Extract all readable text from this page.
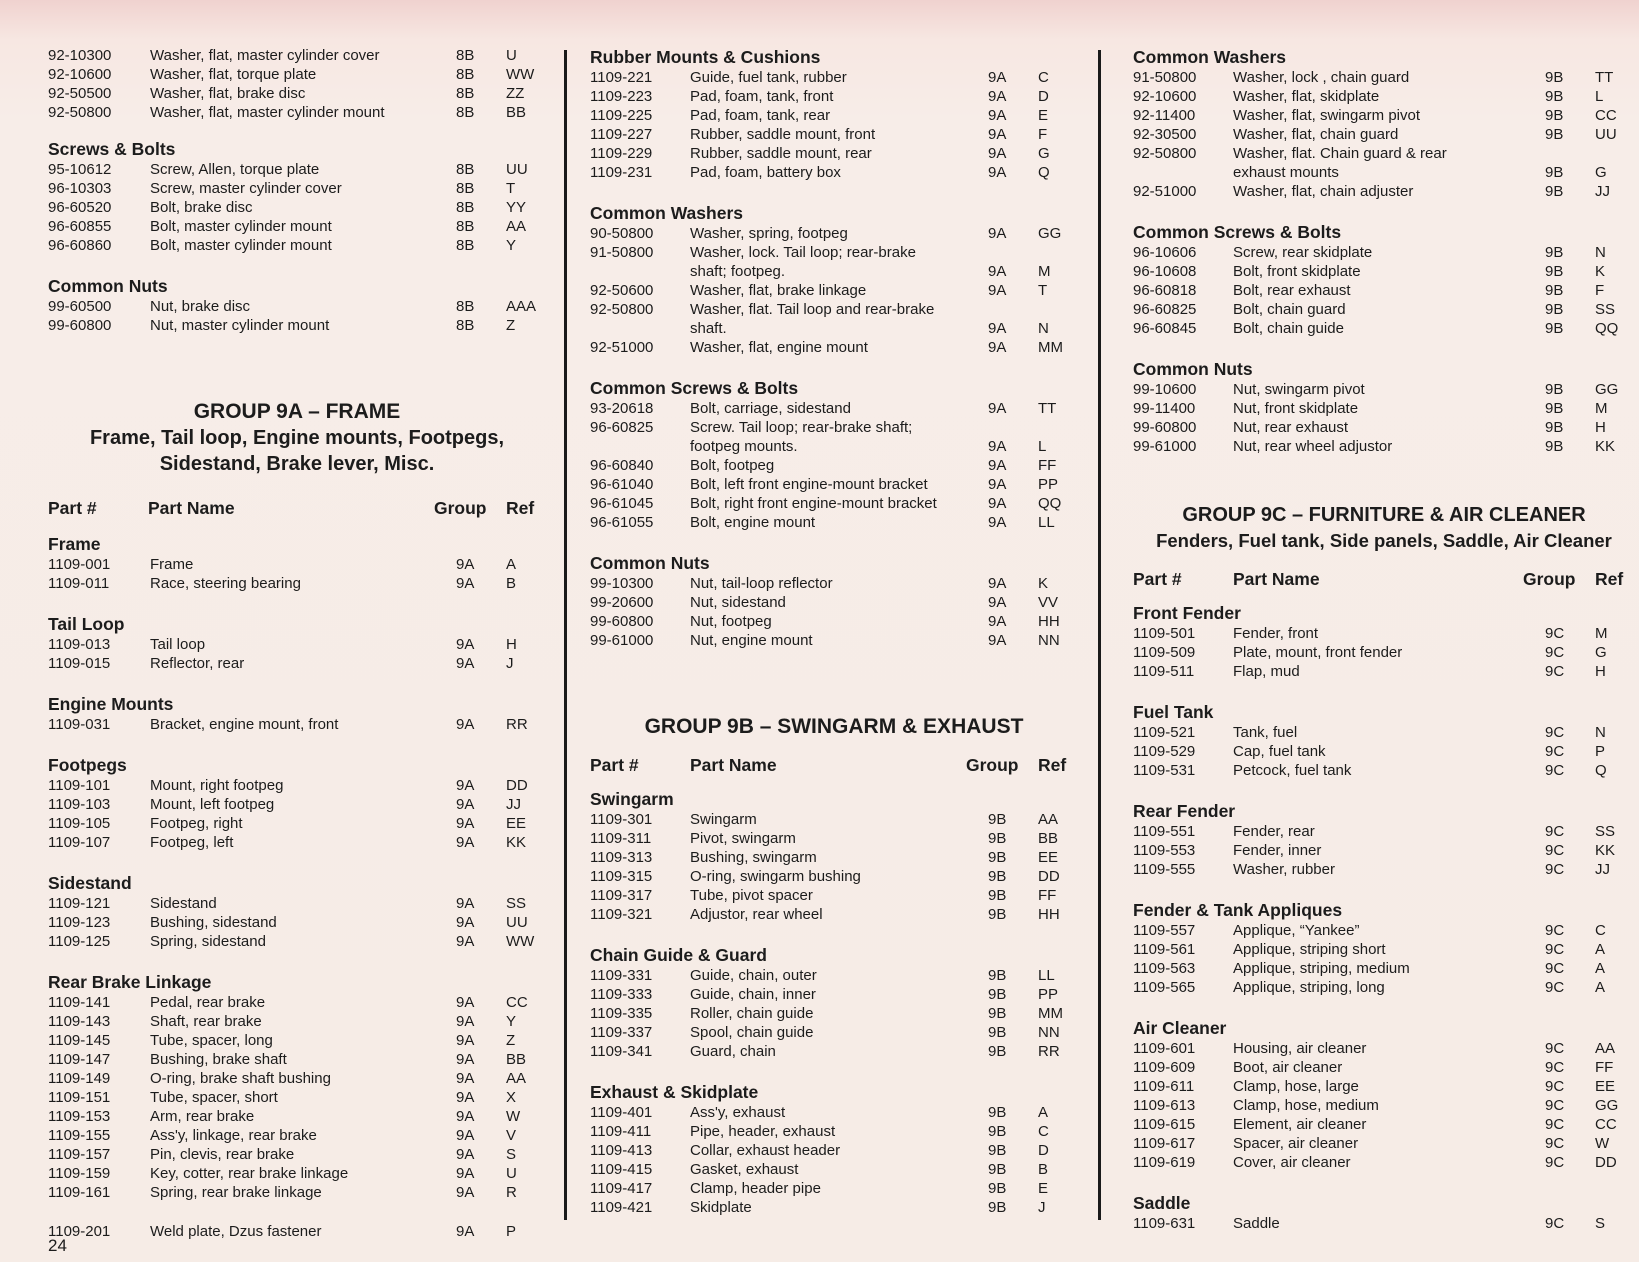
92-10300	Washer, flat, master cylinder cover	8B	U
92-10600	Washer, flat, torque plate	8B	WW
92-50500	Washer, flat, brake disc	8B	ZZ
92-50800	Washer, flat, master cylinder mount	8B	BB
Screws & Bolts
95-10612	Screw, Allen, torque plate	8B	UU
96-10303	Screw, master cylinder cover	8B	T
96-60520	Bolt, brake disc	8B	YY
96-60855	Bolt, master cylinder mount	8B	AA
96-60860	Bolt, master cylinder mount	8B	Y
Common Nuts
99-60500	Nut, brake disc	8B	AAA
99-60800	Nut, master cylinder mount	8B	Z
GROUP 9A – FRAME
Frame, Tail loop, Engine mounts, Footpegs,
Sidestand, Brake lever, Misc.
Part #	Part Name	Group	Ref
Frame
1109-001	Frame	9A	A
1109-011	Race, steering bearing	9A	B
Tail Loop
1109-013	Tail loop	9A	H
1109-015	Reflector, rear	9A	J
Engine Mounts
1109-031	Bracket, engine mount, front	9A	RR
Footpegs
1109-101	Mount, right footpeg	9A	DD
1109-103	Mount, left footpeg	9A	JJ
1109-105	Footpeg, right	9A	EE
1109-107	Footpeg, left	9A	KK
Sidestand
1109-121	Sidestand	9A	SS
1109-123	Bushing, sidestand	9A	UU
1109-125	Spring, sidestand	9A	WW
Rear Brake Linkage
1109-141	Pedal, rear brake	9A	CC
1109-143	Shaft, rear brake	9A	Y
1109-145	Tube, spacer, long	9A	Z
1109-147	Bushing, brake shaft	9A	BB
1109-149	O-ring, brake shaft bushing	9A	AA
1109-151	Tube, spacer, short	9A	X
1109-153	Arm, rear brake	9A	W
1109-155	Ass'y, linkage, rear brake	9A	V
1109-157	Pin, clevis, rear brake	9A	S
1109-159	Key, cotter, rear brake linkage	9A	U
1109-161	Spring, rear brake linkage	9A	R
1109-201	Weld plate, Dzus fastener	9A	P
Rubber Mounts & Cushions
1109-221	Guide, fuel tank, rubber	9A	C
1109-223	Pad, foam, tank, front	9A	D
1109-225	Pad, foam, tank, rear	9A	E
1109-227	Rubber, saddle mount, front	9A	F
1109-229	Rubber, saddle mount, rear	9A	G
1109-231	Pad, foam, battery box	9A	Q
Common Washers
90-50800	Washer, spring, footpeg	9A	GG
91-50800	Washer, lock. Tail loop; rear-brake
shaft; footpeg.	9A	M
92-50600	Washer, flat, brake linkage	9A	T
92-50800	Washer, flat. Tail loop and rear-brake
shaft.	9A	N
92-51000	Washer, flat, engine mount	9A	MM
Common Screws & Bolts
93-20618	Bolt, carriage, sidestand	9A	TT
96-60825	Screw. Tail loop; rear-brake shaft;
footpeg mounts.	9A	L
96-60840	Bolt, footpeg	9A	FF
96-61040	Bolt, left front engine-mount bracket	9A	PP
96-61045	Bolt, right front engine-mount bracket	9A	QQ
96-61055	Bolt, engine mount	9A	LL
Common Nuts
99-10300	Nut, tail-loop reflector	9A	K
99-20600	Nut, sidestand	9A	VV
99-60800	Nut, footpeg	9A	HH
99-61000	Nut, engine mount	9A	NN
GROUP 9B – SWINGARM & EXHAUST
Part #	Part Name	Group	Ref
Swingarm
1109-301	Swingarm	9B	AA
1109-311	Pivot, swingarm	9B	BB
1109-313	Bushing, swingarm	9B	EE
1109-315	O-ring, swingarm bushing	9B	DD
1109-317	Tube, pivot spacer	9B	FF
1109-321	Adjustor, rear wheel	9B	HH
Chain Guide & Guard
1109-331	Guide, chain, outer	9B	LL
1109-333	Guide, chain, inner	9B	PP
1109-335	Roller, chain guide	9B	MM
1109-337	Spool, chain guide	9B	NN
1109-341	Guard, chain	9B	RR
Exhaust & Skidplate
1109-401	Ass'y, exhaust	9B	A
1109-411	Pipe, header, exhaust	9B	C
1109-413	Collar, exhaust header	9B	D
1109-415	Gasket, exhaust	9B	B
1109-417	Clamp, header pipe	9B	E
1109-421	Skidplate	9B	J
Common Washers
91-50800	Washer, lock , chain guard	9B	TT
92-10600	Washer, flat, skidplate	9B	L
92-11400	Washer, flat, swingarm pivot	9B	CC
92-30500	Washer, flat, chain guard	9B	UU
92-50800	Washer, flat. Chain guard & rear
exhaust mounts	9B	G
92-51000	Washer, flat, chain adjuster	9B	JJ
Common Screws & Bolts
96-10606	Screw, rear skidplate	9B	N
96-10608	Bolt, front skidplate	9B	K
96-60818	Bolt, rear exhaust	9B	F
96-60825	Bolt, chain guard	9B	SS
96-60845	Bolt, chain guide	9B	QQ
Common Nuts
99-10600	Nut, swingarm pivot	9B	GG
99-11400	Nut, front skidplate	9B	M
99-60800	Nut, rear exhaust	9B	H
99-61000	Nut, rear wheel adjustor	9B	KK
GROUP 9C – FURNITURE & AIR CLEANER
Fenders, Fuel tank, Side panels, Saddle, Air Cleaner
Part #	Part Name	Group	Ref
Front Fender
1109-501	Fender, front	9C	M
1109-509	Plate, mount, front fender	9C	G
1109-511	Flap, mud	9C	H
Fuel Tank
1109-521	Tank, fuel	9C	N
1109-529	Cap, fuel tank	9C	P
1109-531	Petcock, fuel tank	9C	Q
Rear Fender
1109-551	Fender, rear	9C	SS
1109-553	Fender, inner	9C	KK
1109-555	Washer, rubber	9C	JJ
Fender & Tank Appliques
1109-557	Applique, “Yankee”	9C	C
1109-561	Applique, striping short	9C	A
1109-563	Applique, striping, medium	9C	A
1109-565	Applique, striping, long	9C	A
Air Cleaner
1109-601	Housing, air cleaner	9C	AA
1109-609	Boot, air cleaner	9C	FF
1109-611	Clamp, hose, large	9C	EE
1109-613	Clamp, hose, medium	9C	GG
1109-615	Element, air cleaner	9C	CC
1109-617	Spacer, air cleaner	9C	W
1109-619	Cover, air cleaner	9C	DD
Saddle
1109-631	Saddle	9C	S
24
